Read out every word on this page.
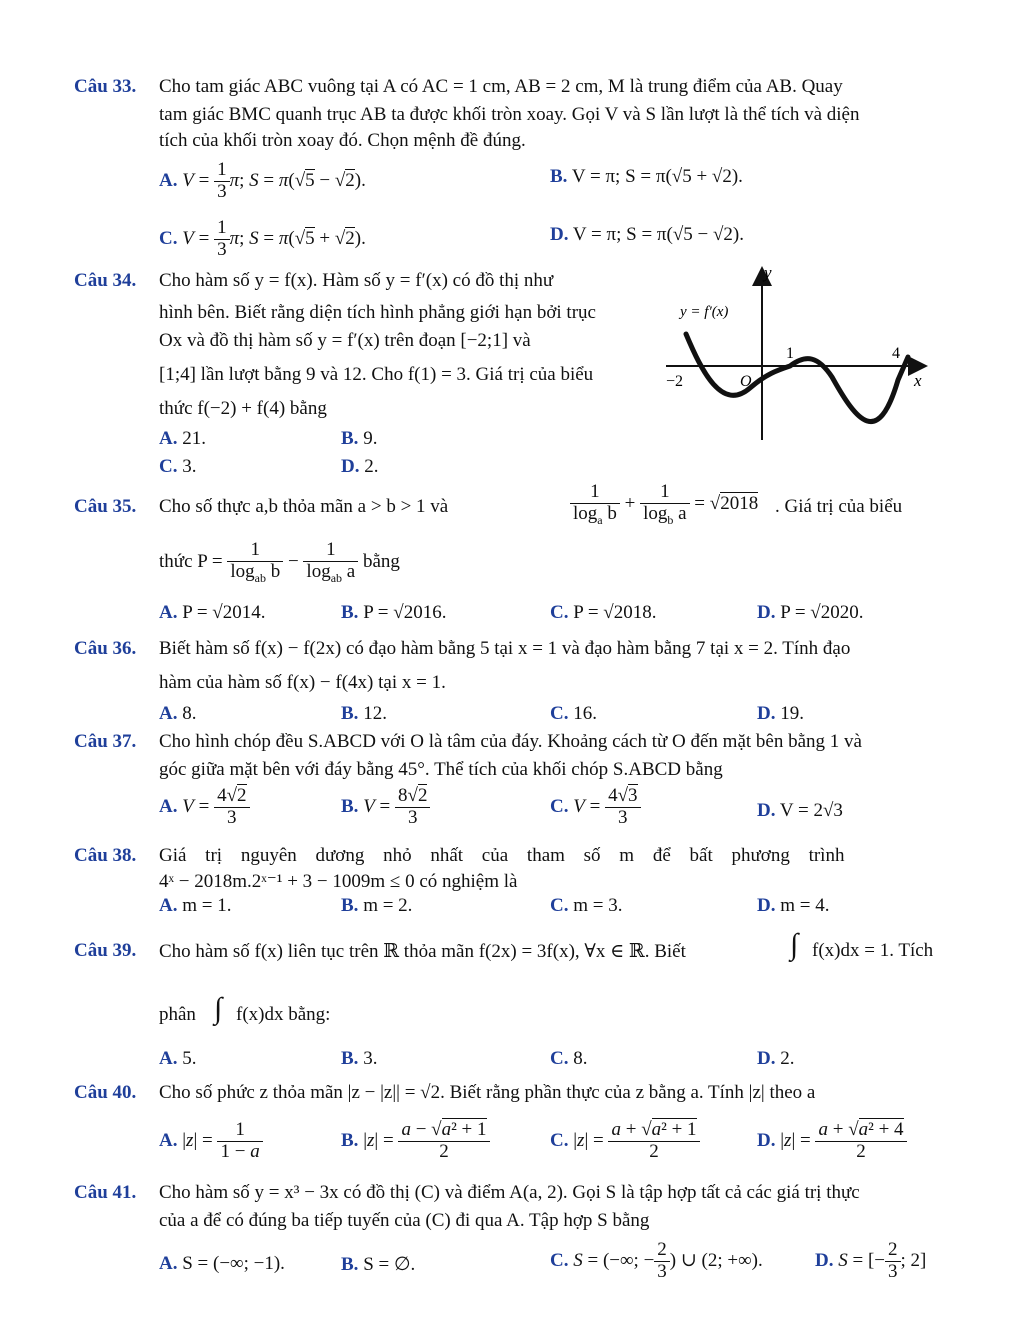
Câu 33. Cho tam giác ABC vuông tại A có AC = 1 cm, AB = 2 cm, M là trung điểm của AB. Quay
tam giác BMC quanh trục AB ta được khối tròn xoay. Gọi V và S lần lượt là thể tích và diện
tích của khối tròn xoay đó. Chọn mệnh đề đúng.
A. $V = \frac{1}{3} \pi$; S = π(√5 − √2).	B. V = π; S = π(√5 + √2).
C. $V = \frac{1}{3} \pi$; S = π(√5 + √2).	D. V = π; S = π(√5 − √2).
Câu 34. Cho hàm số y = f(x). Hàm số y = f′(x) có đồ thị như
hình bên. Biết rằng diện tích hình phẳng giới hạn bởi trục
Ox và đồ thị hàm số y = f′(x) trên đoạn [−2;1] và
[1;4] lần lượt bằng 9 và 12. Cho f(1) = 3. Giá trị của biểu
thức f(−2) + f(4) bằng
A. 21.	B. 9.
C. 3.	D. 2.
y
x
y = f′(x)
1	4
−2	O
Câu 35. Cho số thực a,b thỏa mãn a > b > 1 và	$\frac{1}{\log_a b} + \frac{1}{\log_b a} = √2018$ . Giá trị của biểu
thức $P = \frac{1}{\log_{ab} b} - \frac{1}{\log_{ab} a}$ bằng
A. P = √2014.	B. P = √2016.	C. P = √2018.	D. P = √2020.
Câu 36. Biết hàm số f(x) − f(2x) có đạo hàm bằng 5 tại x = 1 và đạo hàm bằng 7 tại x = 2. Tính đạo
hàm của hàm số f(x) − f(4x) tại x = 1.
A. 8.	B. 12.	C. 16.	D. 19.
Câu 37. Cho hình chóp đều S.ABCD với O là tâm của đáy. Khoảng cách từ O đến mặt bên bằng 1 và
góc giữa mặt bên với đáy bằng 45°. Thể tích của khối chóp S.ABCD bằng
A. $V = \frac{4√2}{3}$	B. $V = \frac{8√2}{3}$	C. $V = \frac{4√3}{3}$	D. V = 2√3
Câu 38. Giá trị nguyên dương nhỏ nhất của tham số m để bất phương trình
4ˣ − 2018m.2ˣ⁻¹ + 3 − 1009m ≤ 0 có nghiệm là
A. m = 1.	B. m = 2.	C. m = 3.	D. m = 4.
Câu 39. Cho hàm số f(x) liên tục trên ℝ thỏa mãn f(2x) = 3f(x), ∀x ∈ ℝ. Biết	∫ f(x)dx = 1. Tích
phân ∫ f(x)dx bằng:
A. 5.	B. 3.	C. 8.	D. 2.
Câu 40. Cho số phức z thỏa mãn |z − |z|| = √2. Biết rằng phần thực của z bằng a. Tính |z| theo a
A. $|z| = \frac{1}{1 - a}$	B. $|z| = \frac{\text{a − √a² + 1}}{2}$	C. $|z| = \frac{\text{a + √a² + 1}}{2}$	D. $|z| = \frac{\text{a + √a² + 4}}{2}$
Câu 41. Cho hàm số y = x³ − 3x có đồ thị (C) và điểm A(a, 2). Gọi S là tập hợp tất cả các giá trị thực
của a để có đúng ba tiếp tuyến của (C) đi qua A. Tập hợp S bằng
A. S = (−∞; −1).	B. S = ∅.	C. S = (−∞; − $\frac{2}{3}$ ) ∪ (2; +∞).	D. S = [− $\frac{2}{3}$ ; 2]
